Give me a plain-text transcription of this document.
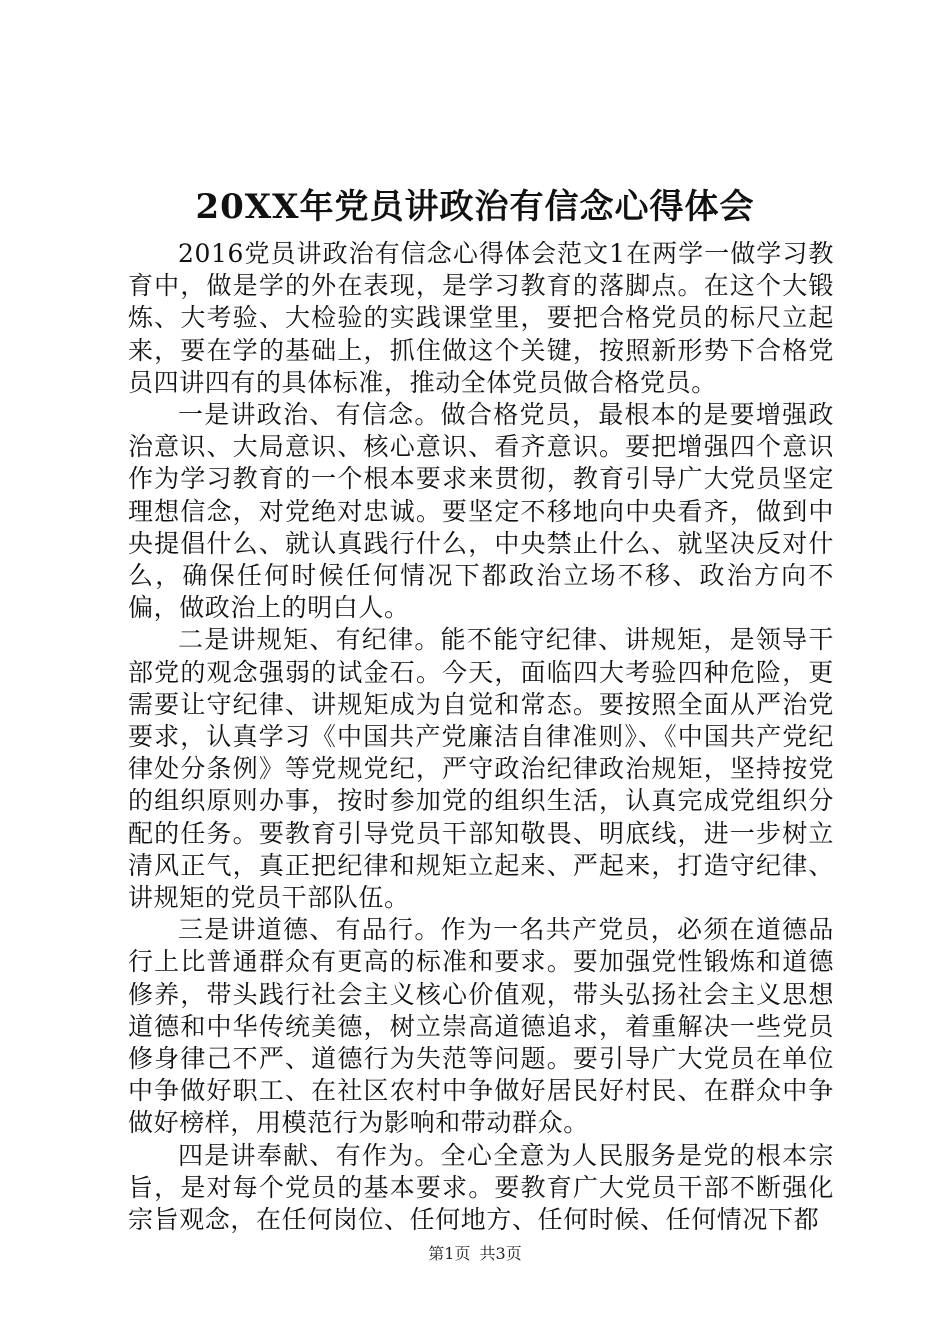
20XX年党员讲政治有信念心得体会

2016党员讲政治有信念心得体会范文1在两学一做学习教育中，做是学的外在表现，是学习教育的落脚点。在这个大锻炼、大考验、大检验的实践课堂里，要把合格党员的标尺立起来，要在学的基础上，抓住做这个关键，按照新形势下合格党员四讲四有的具体标准，推动全体党员做合格党员。

一是讲政治、有信念。做合格党员，最根本的是要增强政治意识、大局意识、核心意识、看齐意识。要把增强四个意识作为学习教育的一个根本要求来贯彻，教育引导广大党员坚定理想信念，对党绝对忠诚。要坚定不移地向中央看齐，做到中央提倡什么、就认真践行什么，中央禁止什么、就坚决反对什么，确保任何时候任何情况下都政治立场不移、政治方向不偏，做政治上的明白人。

二是讲规矩、有纪律。能不能守纪律、讲规矩，是领导干部党的观念强弱的试金石。今天，面临四大考验四种危险，更需要让守纪律、讲规矩成为自觉和常态。要按照全面从严治党要求，认真学习《中国共产党廉洁自律准则》、《中国共产党纪律处分条例》等党规党纪，严守政治纪律政治规矩，坚持按党的组织原则办事，按时参加党的组织生活，认真完成党组织分配的任务。要教育引导党员干部知敬畏、明底线，进一步树立清风正气，真正把纪律和规矩立起来、严起来，打造守纪律、讲规矩的党员干部队伍。

三是讲道德、有品行。作为一名共产党员，必须在道德品行上比普通群众有更高的标准和要求。要加强党性锻炼和道德修养，带头践行社会主义核心价值观，带头弘扬社会主义思想道德和中华传统美德，树立崇高道德追求，着重解决一些党员修身律己不严、道德行为失范等问题。要引导广大党员在单位中争做好职工、在社区农村中争做好居民好村民、在群众中争做好榜样，用模范行为影响和带动群众。

四是讲奉献、有作为。全心全意为人民服务是党的根本宗旨，是对每个党员的基本要求。要教育广大党员干部不断强化宗旨观念，在任何岗位、任何地方、任何时候、任何情况下都

第1页 共3页
